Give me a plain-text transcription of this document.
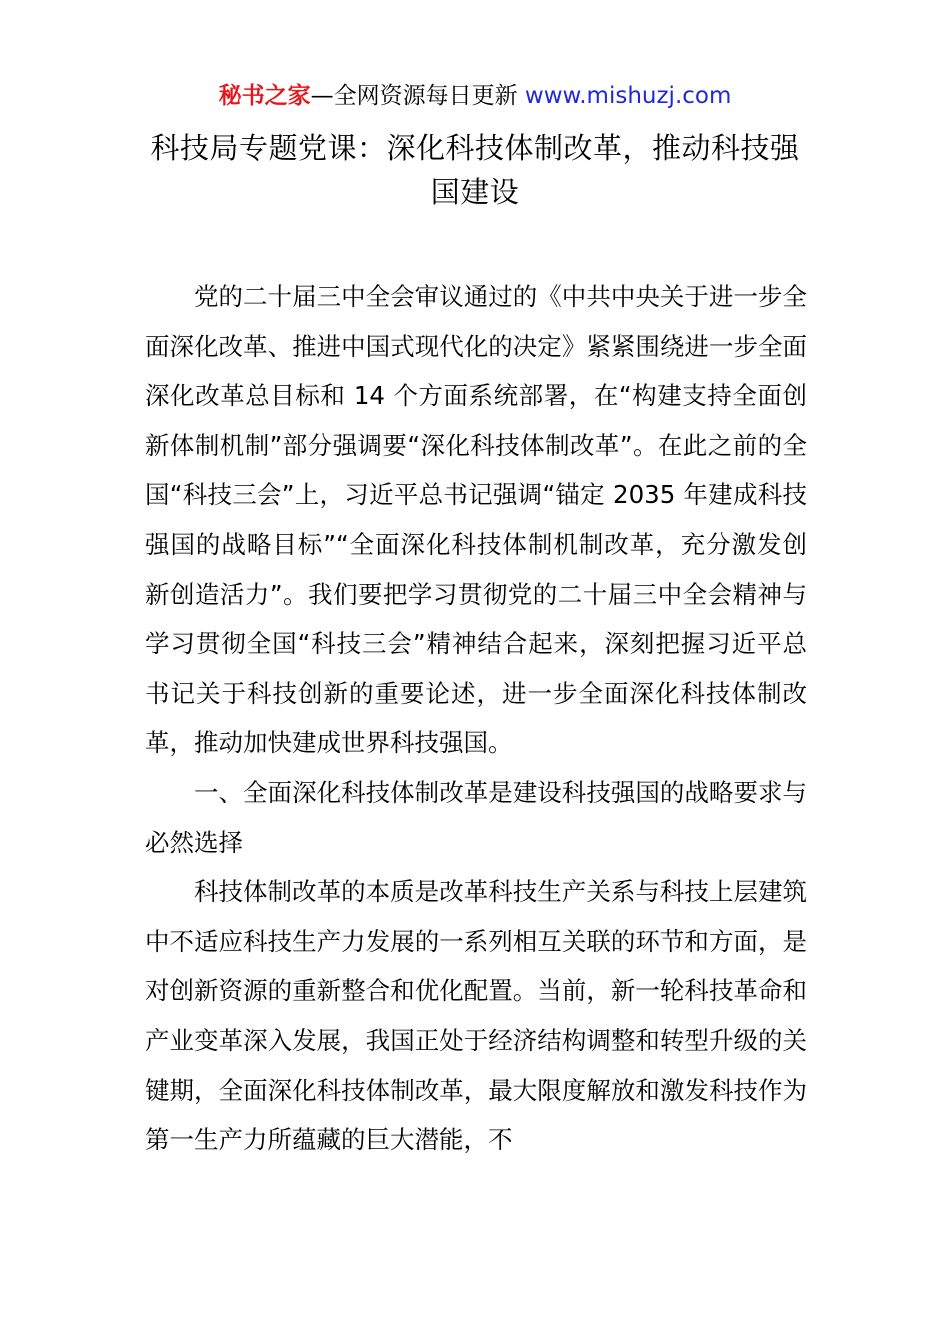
秘书之家—全网资源每日更新 www.mishuzj.com
科技局专题党课：深化科技体制改革，推动科技强国建设

党的二十届三中全会审议通过的《中共中央关于进一步全面深化改革、推进中国式现代化的决定》紧紧围绕进一步全面深化改革总目标和 14 个方面系统部署，在“构建支持全面创新体制机制”部分强调要“深化科技体制改革”。在此之前的全国“科技三会”上，习近平总书记强调“锚定 2035 年建成科技强国的战略目标”“全面深化科技体制机制改革，充分激发创新创造活力”。我们要把学习贯彻党的二十届三中全会精神与学习贯彻全国“科技三会”精神结合起来，深刻把握习近平总书记关于科技创新的重要论述，进一步全面深化科技体制改革，推动加快建成世界科技强国。

一、全面深化科技体制改革是建设科技强国的战略要求与必然选择

科技体制改革的本质是改革科技生产关系与科技上层建筑中不适应科技生产力发展的一系列相互关联的环节和方面，是对创新资源的重新整合和优化配置。当前，新一轮科技革命和产业变革深入发展，我国正处于经济结构调整和转型升级的关键期，全面深化科技体制改革，最大限度解放和激发科技作为第一生产力所蕴藏的巨大潜能，不
